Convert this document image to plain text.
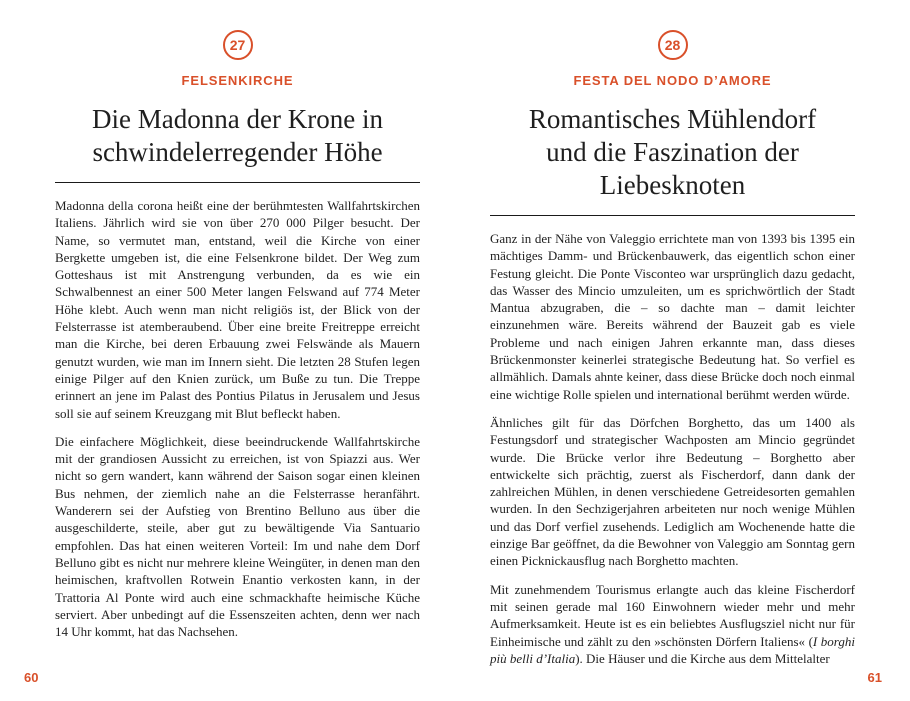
27
FELSENKIRCHE
Die Madonna der Krone in
schwindelerregender Höhe

Madonna della corona heißt eine der berühmtesten Wallfahrtskirchen Italiens. Jährlich wird sie von über 270 000 Pilger besucht. Der Name, so vermutet man, entstand, weil die Kirche von einer Bergkette umgeben ist, die eine Felsenkrone bildet. Der Weg zum Gotteshaus ist mit Anstrengung verbunden, da es wie ein Schwalbennest an einer 500 Meter langen Felswand auf 774 Meter Höhe klebt. Auch wenn man nicht religiös ist, der Blick von der Felsterrasse ist atemberaubend. Über eine breite Freitreppe erreicht man die Kirche, bei deren Erbauung zwei Felswände als Mauern genutzt wurden, wie man im Innern sieht. Die letzten 28 Stufen legen einige Pilger auf den Knien zurück, um Buße zu tun. Die Treppe erinnert an jene im Palast des Pontius Pilatus in Jerusalem und Jesus soll sie auf seinem Kreuzgang mit Blut befleckt haben.

Die einfachere Möglichkeit, diese beeindruckende Wallfahrtskirche mit der grandiosen Aussicht zu erreichen, ist von Spiazzi aus. Wer nicht so gern wandert, kann während der Saison sogar einen kleinen Bus nehmen, der ziemlich nahe an die Felsterrasse heranfährt. Wanderern sei der Aufstieg von Brentino Belluno aus über die ausgeschilderte, steile, aber gut zu bewältigende Via Santuario empfohlen. Das hat einen weiteren Vorteil: Im und nahe dem Dorf Belluno gibt es nicht nur mehrere kleine Weingüter, in denen man den heimischen, kraftvollen Rotwein Enantio verkosten kann, in der Trattoria Al Ponte wird auch eine schmackhafte heimische Küche serviert. Aber unbedingt auf die Essenszeiten achten, denn wer nach 14 Uhr kommt, hat das Nachsehen.

60
28
FESTA DEL NODO D’AMORE
Romantisches Mühlendorf
und die Faszination der
Liebesknoten

Ganz in der Nähe von Valeggio errichtete man von 1393 bis 1395 ein mächtiges Damm- und Brückenbauwerk, das eigentlich schon einer Festung gleicht. Die Ponte Visconteo war ursprünglich dazu gedacht, das Wasser des Mincio umzuleiten, um es sprichwörtlich der Stadt Mantua abzugraben, die – so dachte man – damit leichter einzunehmen wäre. Bereits während der Bauzeit gab es viele Probleme und nach einigen Jahren erkannte man, dass dieses Brückenmonster keinerlei strategische Bedeutung hat. So verfiel es allmählich. Damals ahnte keiner, dass diese Brücke doch noch einmal eine wichtige Rolle spielen und international berühmt werden würde.

Ähnliches gilt für das Dörfchen Borghetto, das um 1400 als Festungsdorf und strategischer Wachposten am Mincio gegründet wurde. Die Brücke verlor ihre Bedeutung – Borghetto aber entwickelte sich prächtig, zuerst als Fischerdorf, dann dank der zahlreichen Mühlen, in denen verschiedene Getreidesorten gemahlen wurden. In den Sechzigerjahren arbeiteten nur noch wenige Mühlen und das Dorf verfiel zusehends. Lediglich am Wochenende hatte die einzige Bar geöffnet, da die Bewohner von Valeggio am Sonntag gern einen Picknickausflug nach Borghetto machten.

Mit zunehmendem Tourismus erlangte auch das kleine Fischerdorf mit seinen gerade mal 160 Einwohnern wieder mehr und mehr Aufmerksamkeit. Heute ist es ein beliebtes Ausflugsziel nicht nur für Einheimische und zählt zu den »schönsten Dörfern Italiens« (I borghi più belli d’Italia). Die Häuser und die Kirche aus dem Mittelalter

61
